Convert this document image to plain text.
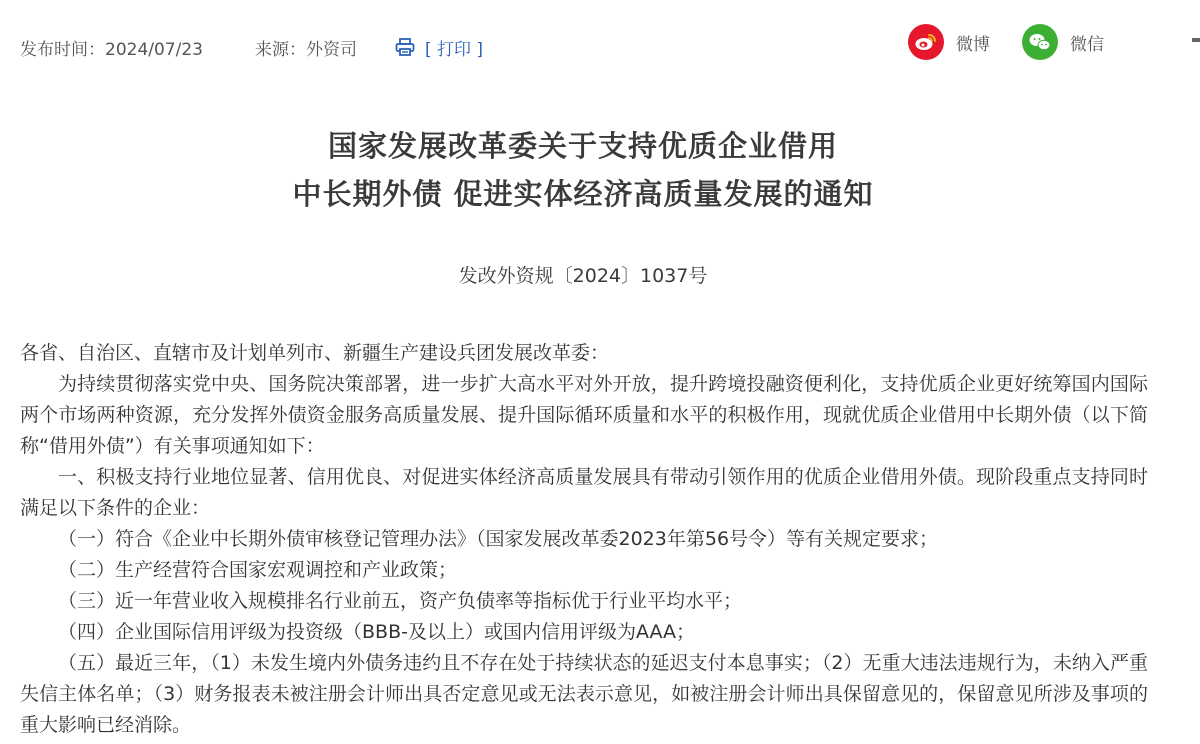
发布时间：2024/07/23	来源：外资司	[ 打印 ]	微博	微信
国家发展改革委关于支持优质企业借用
中长期外债 促进实体经济高质量发展的通知
发改外资规〔2024〕1037号

各省、自治区、直辖市及计划单列市、新疆生产建设兵团发展改革委：

为持续贯彻落实党中央、国务院决策部署，进一步扩大高水平对外开放，提升跨境投融资便利化，支持优质企业更好统筹国内国际两个市场两种资源，充分发挥外债资金服务高质量发展、提升国际循环质量和水平的积极作用，现就优质企业借用中长期外债（以下简称“借用外债”）有关事项通知如下：

一、积极支持行业地位显著、信用优良、对促进实体经济高质量发展具有带动引领作用的优质企业借用外债。现阶段重点支持同时满足以下条件的企业：

（一）符合《企业中长期外债审核登记管理办法》（国家发展改革委2023年第56号令）等有关规定要求；

（二）生产经营符合国家宏观调控和产业政策；

（三）近一年营业收入规模排名行业前五，资产负债率等指标优于行业平均水平；

（四）企业国际信用评级为投资级（BBB-及以上）或国内信用评级为AAA；

（五）最近三年，（1）未发生境内外债务违约且不存在处于持续状态的延迟支付本息事实；（2）无重大违法违规行为，未纳入严重失信主体名单；（3）财务报表未被注册会计师出具否定意见或无法表示意见，如被注册会计师出具保留意见的，保留意见所涉及事项的重大影响已经消除。
